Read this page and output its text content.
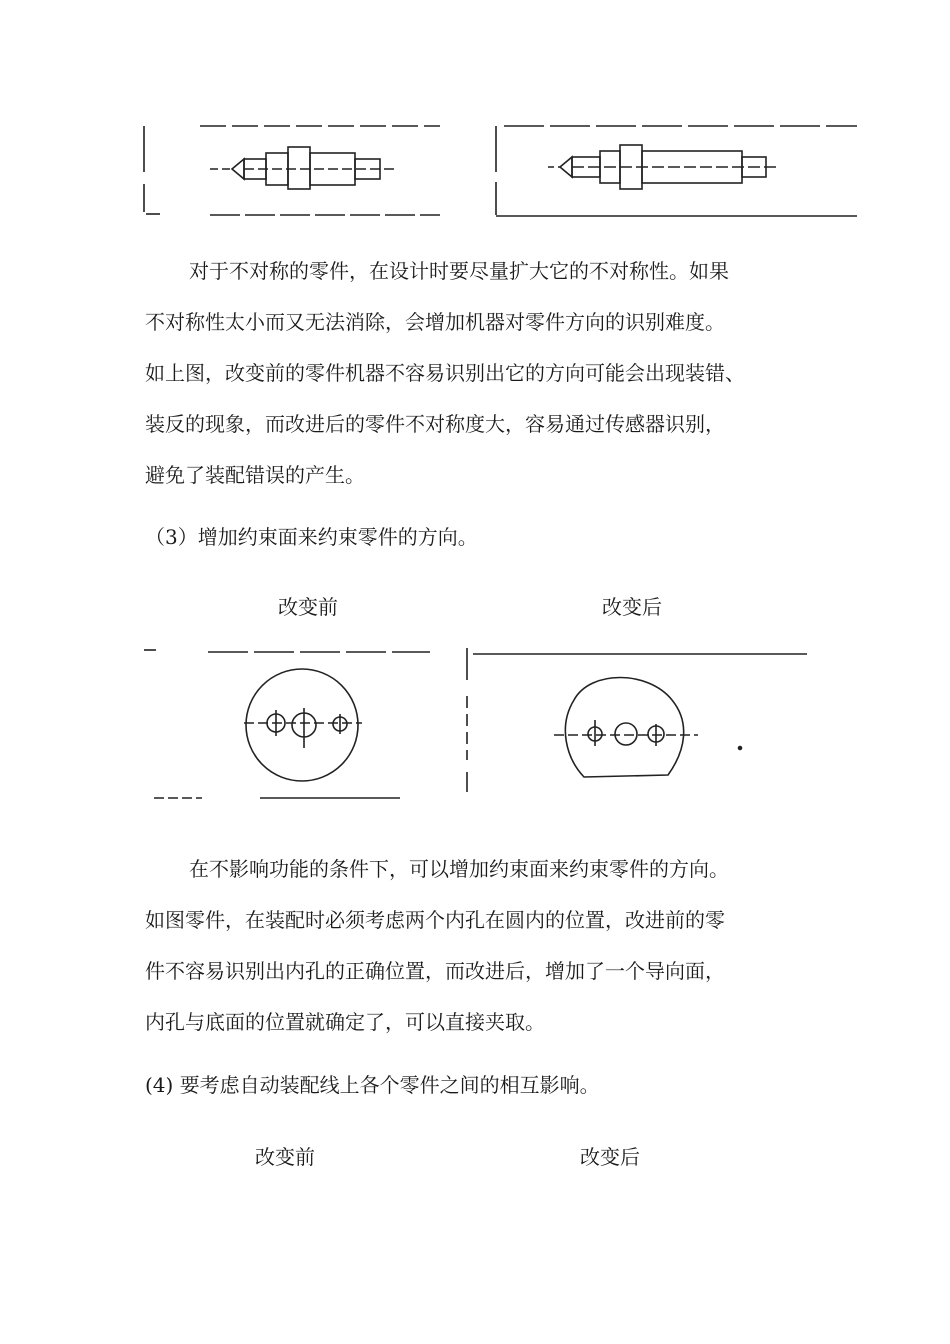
对于不对称的零件，在设计时要尽量扩大它的不对称性。如果
不对称性太小而又无法消除，会增加机器对零件方向的识别难度。
如上图，改变前的零件机器不容易识别出它的方向可能会出现装错、
装反的现象，而改进后的零件不对称度大，容易通过传感器识别，
避免了装配错误的产生。

（3）增加约束面来约束零件的方向。

改变前	改变后
在不影响功能的条件下，可以增加约束面来约束零件的方向。
如图零件，在装配时必须考虑两个内孔在圆内的位置，改进前的零
件不容易识别出内孔的正确位置，而改进后，增加了一个导向面，
内孔与底面的位置就确定了，可以直接夹取。

(4) 要考虑自动装配线上各个零件之间的相互影响。

改变前	改变后
